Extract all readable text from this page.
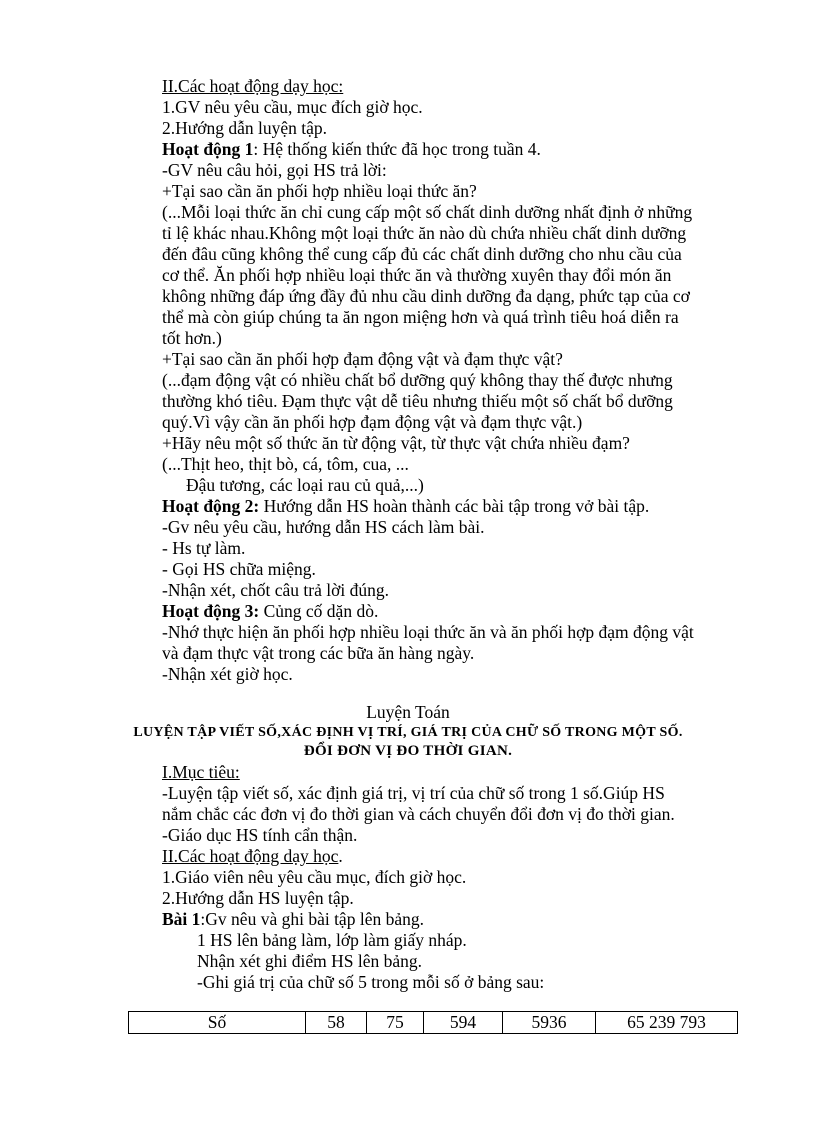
II.Các hoạt động dạy học:
1.GV nêu yêu cầu, mục đích giờ học.
2.Hướng dẫn luyện tập.
Hoạt động 1: Hệ thống kiến thức đã học trong tuần 4.
-GV nêu câu hỏi, gọi HS trả lời:
+Tại sao cần ăn phối hợp nhiều loại thức ăn?
(...Mỗi loại thức ăn chỉ cung cấp một số chất dinh dưỡng nhất định ở những
tỉ lệ khác nhau.Không một loại thức ăn nào dù chứa nhiều chất dinh dưỡng
đến đâu cũng không thể cung cấp đủ các chất dinh dưỡng cho nhu cầu của
cơ thể. Ăn phối hợp nhiều loại thức ăn và thường xuyên thay đổi món ăn
không những đáp ứng đầy đủ nhu cầu dinh dưỡng đa dạng, phức tạp của cơ
thể mà còn giúp chúng ta ăn ngon miệng hơn và quá trình tiêu hoá diễn ra
tốt hơn.)
+Tại sao cần ăn phối hợp đạm động vật và đạm thực vật?
(...đạm động vật có nhiều chất bổ dưỡng quý không thay thế được nhưng
thường khó tiêu. Đạm thực vật dễ tiêu nhưng thiếu một số chất bổ dưỡng
quý.Vì vậy cần ăn phối hợp đạm động vật và đạm thực vật.)
+Hãy nêu một số thức ăn từ động vật, từ thực vật chứa nhiều đạm?
(...Thịt heo, thịt bò, cá, tôm, cua, ...
Đậu tương, các loại rau củ quả,...)
Hoạt động 2: Hướng dẫn HS hoàn thành các bài tập trong vở bài tập.
-Gv nêu yêu cầu, hướng dẫn HS cách làm bài.
- Hs tự làm.
- Gọi HS chữa miệng.
-Nhận xét, chốt câu trả lời đúng.
Hoạt động 3: Củng cố dặn dò.
-Nhớ thực hiện ăn phối hợp nhiều loại thức ăn và ăn phối hợp đạm động vật
và đạm thực vật trong các bữa ăn hàng ngày.
-Nhận xét giờ học.
Luyện Toán
LUYỆN TẬP VIẾT SỐ,XÁC ĐỊNH VỊ TRÍ, GIÁ TRỊ CỦA CHỮ SỐ TRONG MỘT SỐ.
ĐỔI ĐƠN VỊ ĐO THỜI GIAN.
I.Mục tiêu:
-Luyện tập viết số, xác định giá trị, vị trí của chữ số trong 1 số.Giúp HS
nắm chắc các đơn vị đo thời gian và cách chuyển đổi đơn vị đo thời gian.
-Giáo dục HS tính cẩn thận.
II.Các hoạt động dạy học.
1.Giáo viên nêu yêu cầu mục, đích giờ học.
2.Hướng dẫn HS luyện tập.
Bài 1:Gv nêu và ghi bài tập lên bảng.
1 HS lên bảng làm, lớp làm giấy nháp.
Nhận xét ghi điểm HS lên bảng.
-Ghi giá trị của chữ số 5 trong mỗi số ở bảng sau:
Số	58	75	594	5936	65 239 793
